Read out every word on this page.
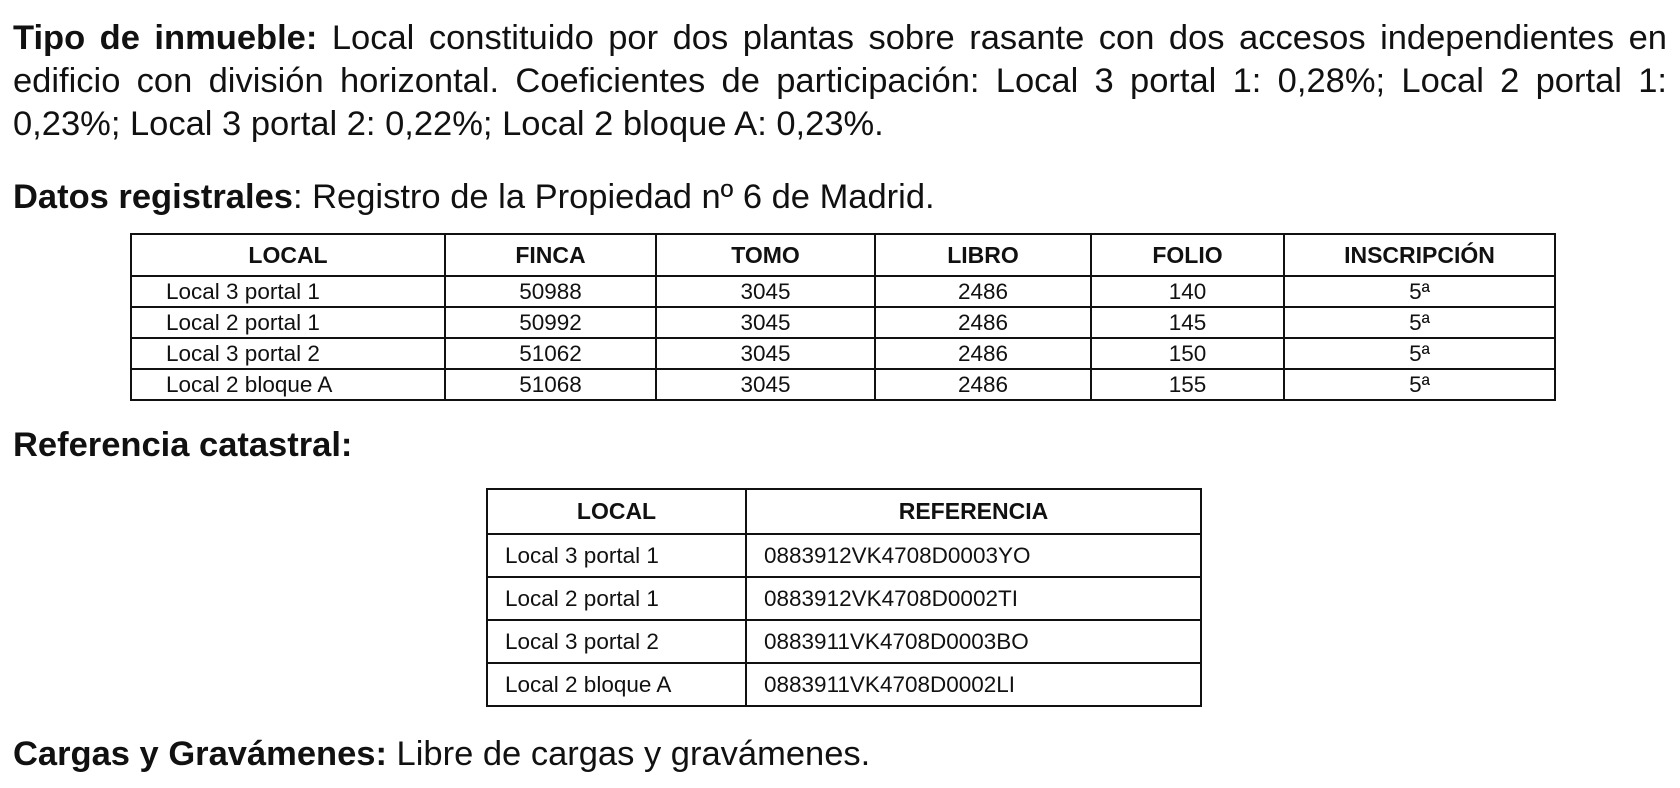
Tipo de inmueble: Local constituido por dos plantas sobre rasante con dos accesos independientes en edificio con división horizontal. Coeficientes de participación: Local 3 portal 1: 0,28%; Local 2 portal 1: 0,23%; Local 3 portal 2: 0,22%; Local 2 bloque A: 0,23%.

Datos registrales: Registro de la Propiedad nº 6 de Madrid.

LOCAL	FINCA	TOMO	LIBRO	FOLIO	INSCRIPCIÓN
Local 3 portal 1	50988	3045	2486	140	5ª
Local 2 portal 1	50992	3045	2486	145	5ª
Local 3 portal 2	51062	3045	2486	150	5ª
Local 2 bloque A	51068	3045	2486	155	5ª

Referencia catastral:

LOCAL	REFERENCIA
Local 3 portal 1	0883912VK4708D0003YO
Local 2 portal 1	0883912VK4708D0002TI
Local 3 portal 2	0883911VK4708D0003BO
Local 2 bloque A	0883911VK4708D0002LI

Cargas y Gravámenes: Libre de cargas y gravámenes.
